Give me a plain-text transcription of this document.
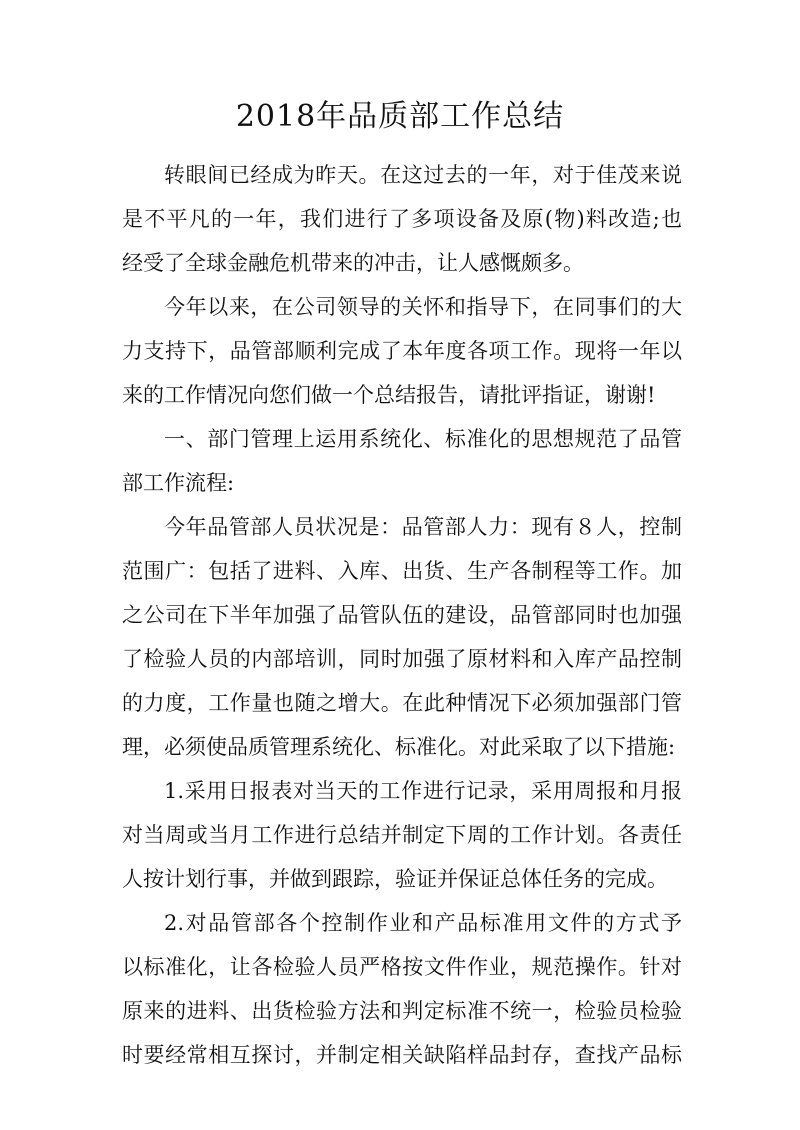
2018年品质部工作总结
转眼间已经成为昨天。在这过去的一年，对于佳茂来说
是不平凡的一年，我们进行了多项设备及原(物)料改造;也
经受了全球金融危机带来的冲击，让人感慨颇多。
今年以来，在公司领导的关怀和指导下，在同事们的大
力支持下，品管部顺利完成了本年度各项工作。现将一年以
来的工作情况向您们做一个总结报告，请批评指证，谢谢!
一、部门管理上运用系统化、标准化的思想规范了品管
部工作流程:
今年品管部人员状况是：品管部人力：现有８人，控制
范围广：包括了进料、入库、出货、生产各制程等工作。加
之公司在下半年加强了品管队伍的建设，品管部同时也加强
了检验人员的内部培训，同时加强了原材料和入库产品控制
的力度，工作量也随之增大。在此种情况下必须加强部门管
理，必须使品质管理系统化、标准化。对此采取了以下措施:
1.采用日报表对当天的工作进行记录，采用周报和月报
对当周或当月工作进行总结并制定下周的工作计划。各责任
人按计划行事，并做到跟踪，验证并保证总体任务的完成。
2.对品管部各个控制作业和产品标准用文件的方式予
以标准化，让各检验人员严格按文件作业，规范操作。针对
原来的进料、出货检验方法和判定标准不统一，检验员检验
时要经常相互探讨，并制定相关缺陷样品封存，查找产品标
